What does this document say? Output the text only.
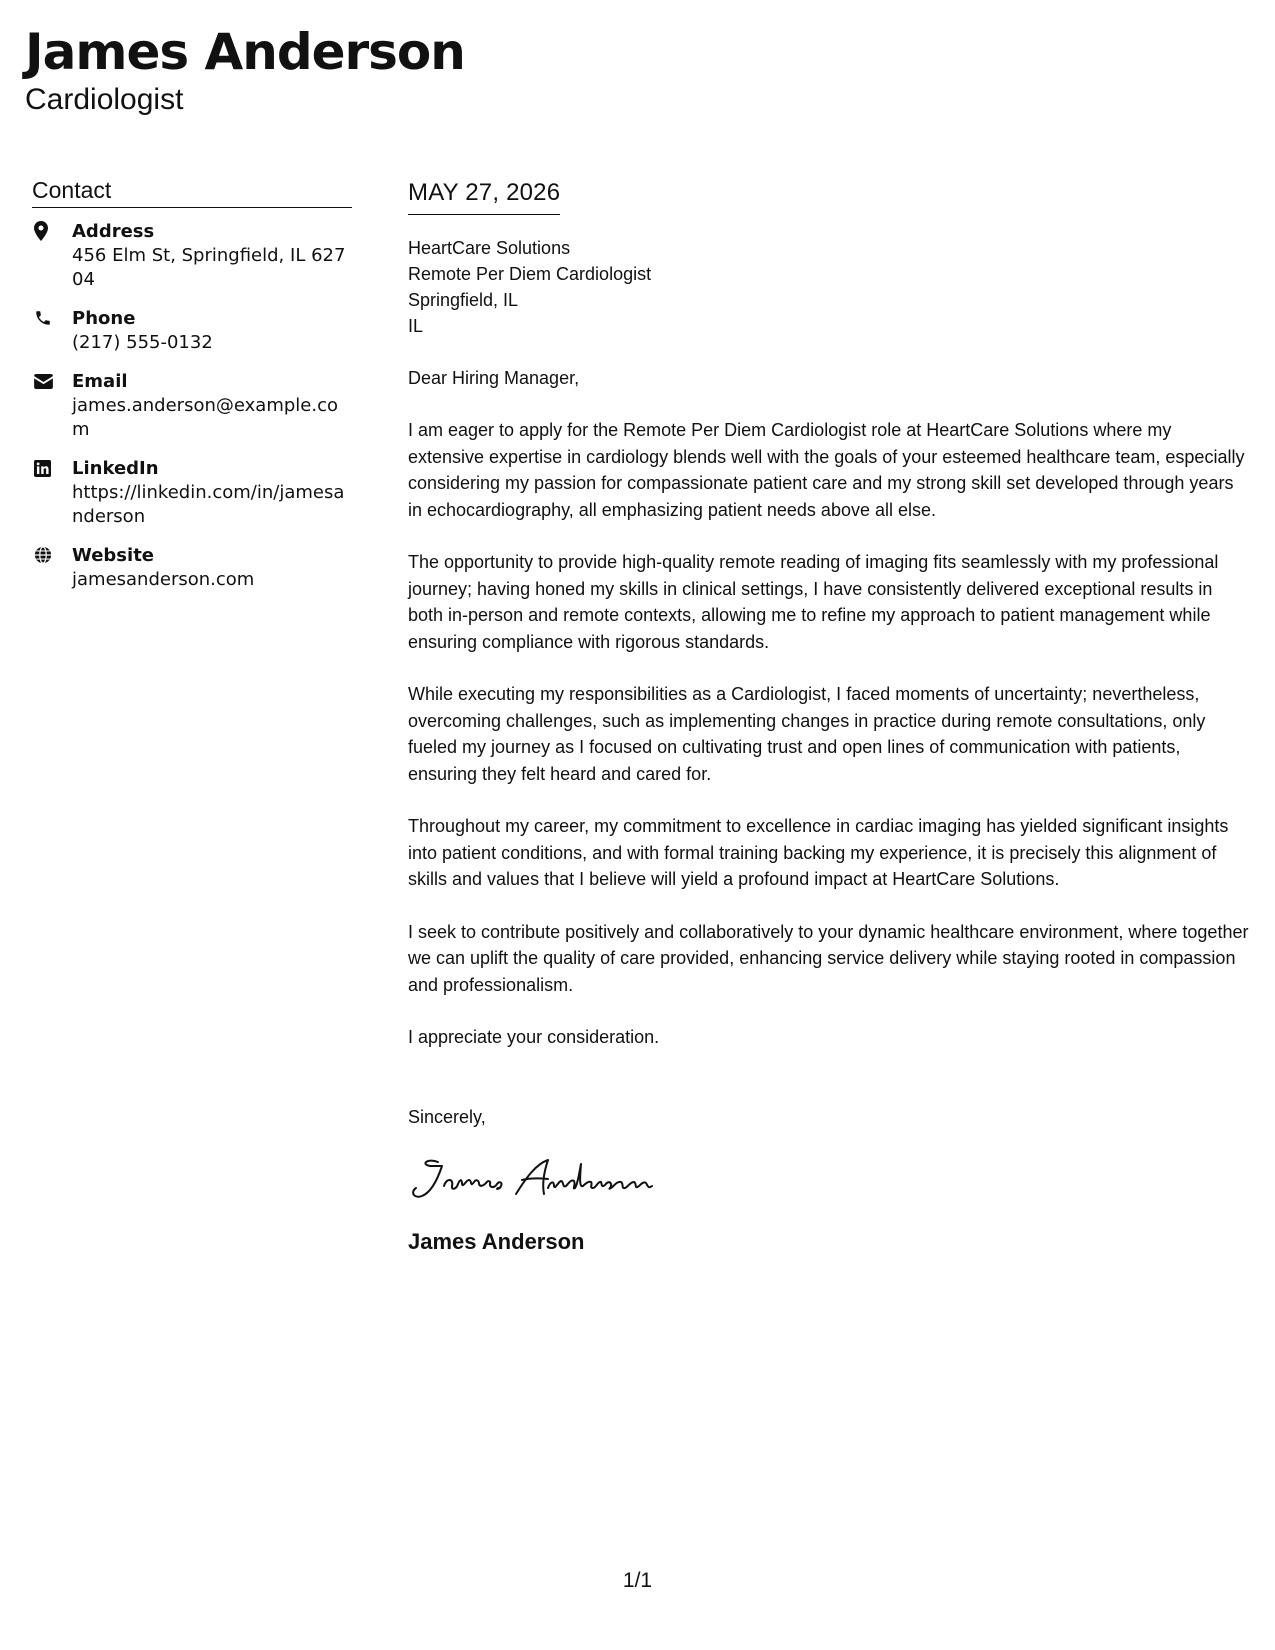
James Anderson
Cardiologist
Contact
Address
456 Elm St, Springfield, IL 62704
Phone
(217) 555-0132
Email
james.anderson@example.com
LinkedIn
https://linkedin.com/in/jamesanderson
Website
jamesanderson.com
MAY 27, 2026
HeartCare Solutions
Remote Per Diem Cardiologist
Springfield, IL
IL
Dear Hiring Manager,
I am eager to apply for the Remote Per Diem Cardiologist role at HeartCare Solutions where my extensive expertise in cardiology blends well with the goals of your esteemed healthcare team, especially considering my passion for compassionate patient care and my strong skill set developed through years in echocardiography, all emphasizing patient needs above all else.
The opportunity to provide high-quality remote reading of imaging fits seamlessly with my professional journey; having honed my skills in clinical settings, I have consistently delivered exceptional results in both in-person and remote contexts, allowing me to refine my approach to patient management while ensuring compliance with rigorous standards.
While executing my responsibilities as a Cardiologist, I faced moments of uncertainty; nevertheless, overcoming challenges, such as implementing changes in practice during remote consultations, only fueled my journey as I focused on cultivating trust and open lines of communication with patients, ensuring they felt heard and cared for.
Throughout my career, my commitment to excellence in cardiac imaging has yielded significant insights into patient conditions, and with formal training backing my experience, it is precisely this alignment of skills and values that I believe will yield a profound impact at HeartCare Solutions.
I seek to contribute positively and collaboratively to your dynamic healthcare environment, where together we can uplift the quality of care provided, enhancing service delivery while staying rooted in compassion and professionalism.
I appreciate your consideration.
Sincerely,
James Anderson
1/1
